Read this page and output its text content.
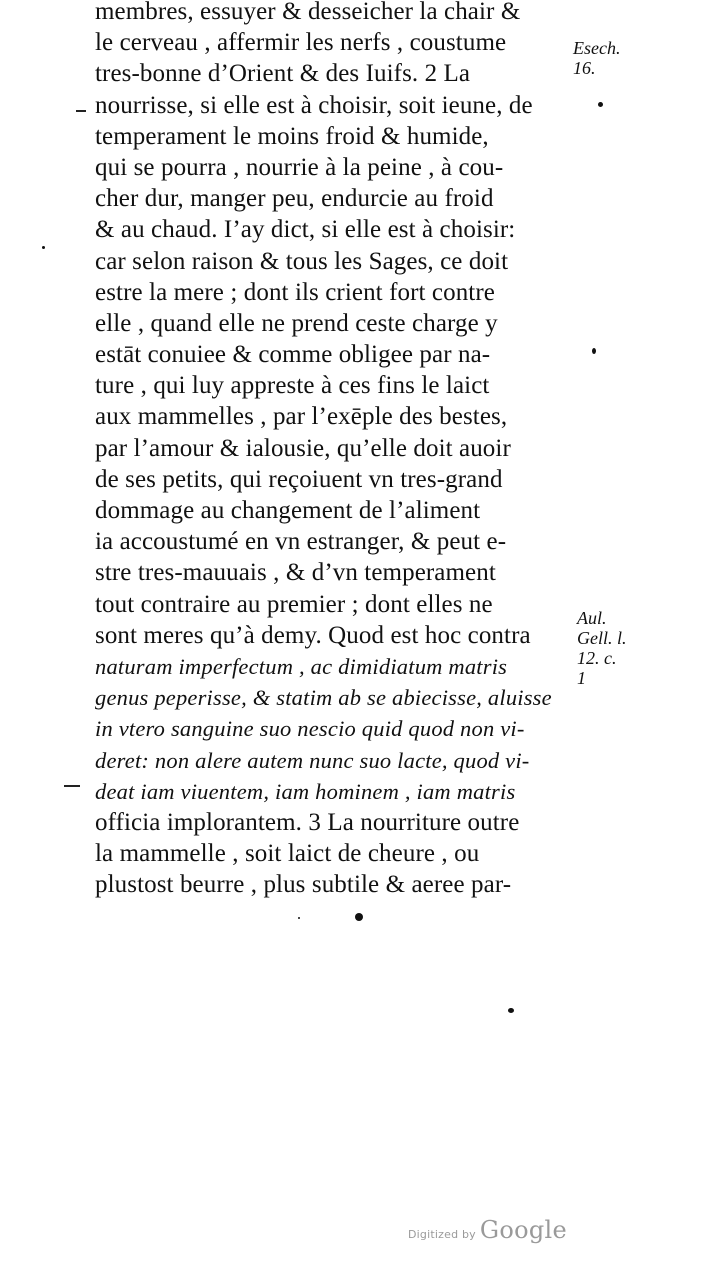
membres, essuyer & desseicher la chair &
le cerveau , affermir les nerfs , coustume
tres-bonne d’Orient & des Iuifs. 2 La
nourrisse, si elle est à choisir, soit ieune, de
temperament le moins froid & humide,
qui se pourra , nourrie à la peine , à cou-
cher dur, manger peu, endurcie au froid
& au chaud. I’ay dict, si elle est à choisir:
car selon raison & tous les Sages, ce doit
estre la mere ; dont ils crient fort contre
elle , quand elle ne prend ceste charge y
estāt conuiee & comme obligee par na-
ture , qui luy appreste à ces fins le laict
aux mammelles , par l’exēple des bestes,
par l’amour & ialousie, qu’elle doit auoir
de ses petits, qui reçoiuent vn tres-grand
dommage au changement de l’aliment
ia accoustumé en vn estranger, & peut e-
stre tres-mauuais , & d’vn temperament
tout contraire au premier ; dont elles ne
sont meres qu’à demy. Quod est hoc contra
naturam imperfectum , ac dimidiatum matris
genus peperisse, & statim ab se abiecisse, aluisse
in vtero sanguine suo nescio quid quod non vi-
deret: non alere autem nunc suo lacte, quod vi-
deat iam viuentem, iam hominem , iam matris
officia implorantem. 3 La nourriture outre
la mammelle , soit laict de cheure , ou
plustost beurre , plus subtile & aeree par-
Esech. 16.
Aul. Gell. l. 12. c. 1
Digitized by Google
